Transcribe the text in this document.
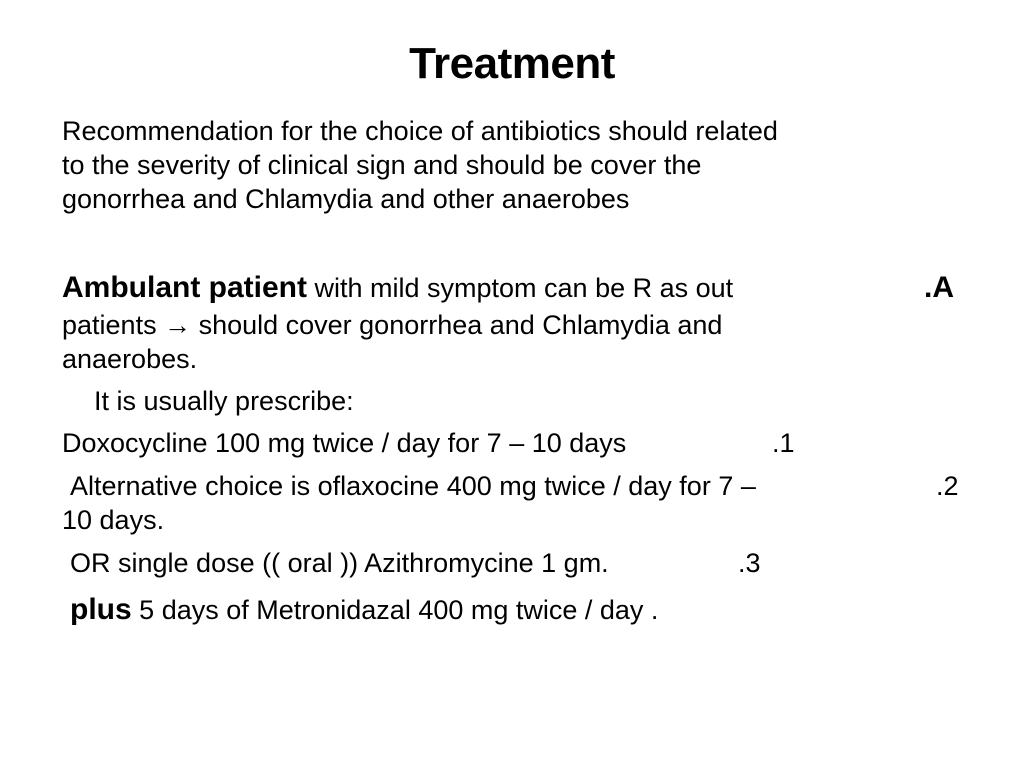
Treatment
Recommendation for the choice of antibiotics should related
to the severity of clinical sign and should be cover the
gonorrhea and Chlamydia and other anaerobes
Ambulant patient with mild symptom can be R as out	.A
patients → should cover gonorrhea and Chlamydia and
anaerobes.
It is usually prescribe:
Doxocycline 100 mg twice / day for 7 – 10 days	.1
Alternative choice is oflaxocine 400 mg twice / day for 7 –	.2
10 days.
OR single dose (( oral )) Azithromycine 1 gm.	.3
plus 5 days of Metronidazal 400 mg twice / day .
